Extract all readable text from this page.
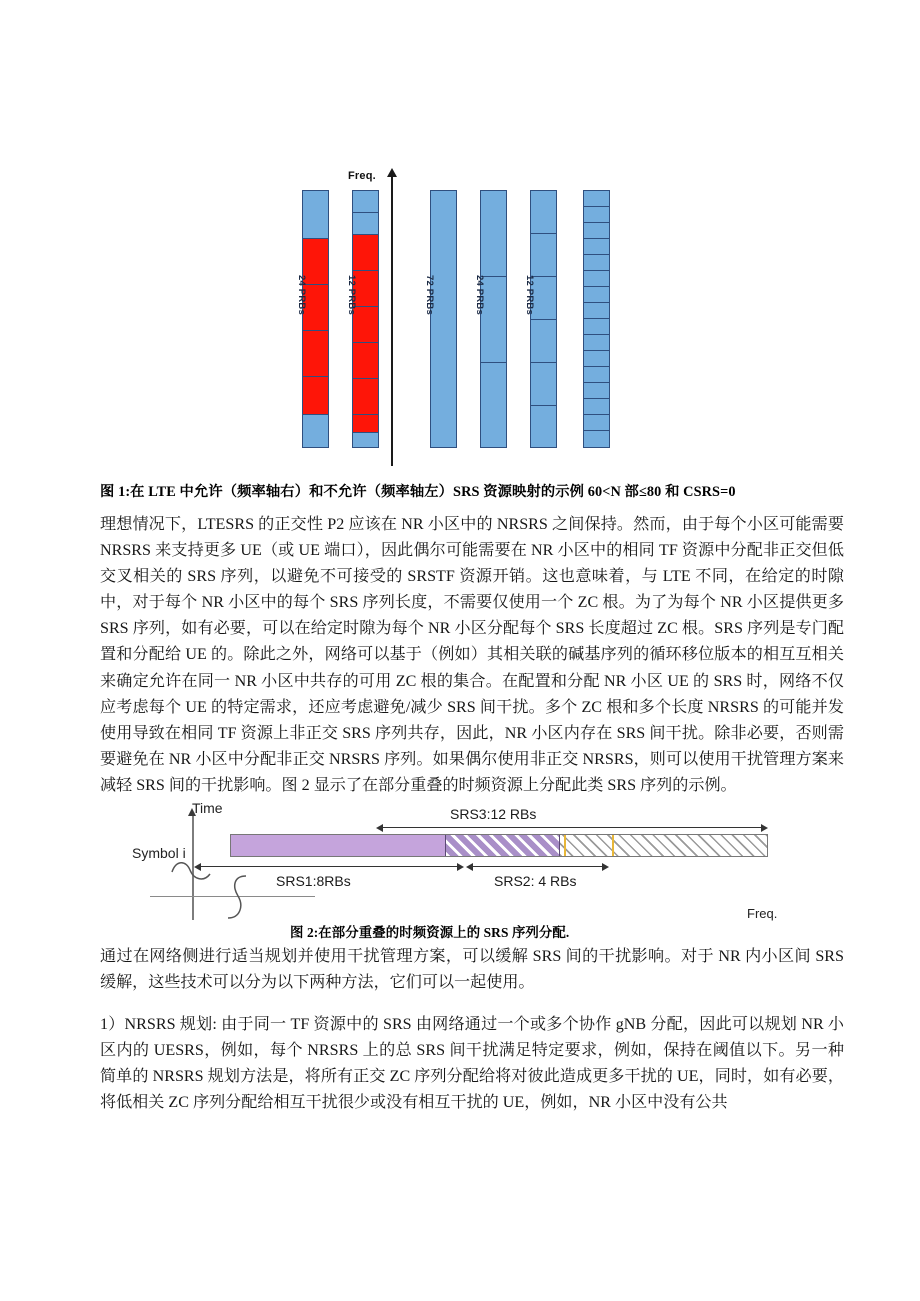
Freq.
24 PRBs	12 PRBs	72 PRBs	24 PRBs	12 PRBs
图 1:在 LTE 中允许（频率轴右）和不允许（频率轴左）SRS 资源映射的示例 60<N 部≤80 和 CSRS=0
理想情况下，LTESRS 的正交性 P2 应该在 NR 小区中的 NRSRS 之间保持。然而，由于每个小区可能需要 NRSRS 来支持更多 UE（或 UE 端口），因此偶尔可能需要在 NR 小区中的相同 TF 资源中分配非正交但低交叉相关的 SRS 序列，以避免不可接受的 SRSTF 资源开销。这也意味着，与 LTE 不同，在给定的时隙中，对于每个 NR 小区中的每个 SRS 序列长度，不需要仅使用一个 ZC 根。为了为每个 NR 小区提供更多 SRS 序列，如有必要，可以在给定时隙为每个 NR 小区分配每个 SRS 长度超过 ZC 根。SRS 序列是专门配置和分配给 UE 的。除此之外，网络可以基于（例如）其相关联的碱基序列的循环移位版本的相互互相关来确定允许在同一 NR 小区中共存的可用 ZC 根的集合。在配置和分配 NR 小区 UE 的 SRS 时，网络不仅应考虑每个 UE 的特定需求，还应考虑避免/减少 SRS 间干扰。多个 ZC 根和多个长度 NRSRS 的可能并发使用导致在相同 TF 资源上非正交 SRS 序列共存，因此，NR 小区内存在 SRS 间干扰。除非必要，否则需要避免在 NR 小区中分配非正交 NRSRS 序列。如果偶尔使用非正交 NRSRS，则可以使用干扰管理方案来减轻 SRS 间的干扰影响。图 2 显示了在部分重叠的时频资源上分配此类 SRS 序列的示例。
Time
Symbol i
Freq.
SRS3:12 RBs
SRS1:8RBs	SRS2: 4 RBs
图 2:在部分重叠的时频资源上的 SRS 序列分配.
通过在网络侧进行适当规划并使用干扰管理方案，可以缓解 SRS 间的干扰影响。对于 NR 内小区间 SRS 缓解，这些技术可以分为以下两种方法，它们可以一起使用。
1）NRSRS 规划: 由于同一 TF 资源中的 SRS 由网络通过一个或多个协作 gNB 分配，因此可以规划 NR 小区内的 UESRS，例如，每个 NRSRS 上的总 SRS 间干扰满足特定要求，例如，保持在阈值以下。另一种简单的 NRSRS 规划方法是，将所有正交 ZC 序列分配给将对彼此造成更多干扰的 UE，同时，如有必要，将低相关 ZC 序列分配给相互干扰很少或没有相互干扰的 UE，例如，NR 小区中没有公共
